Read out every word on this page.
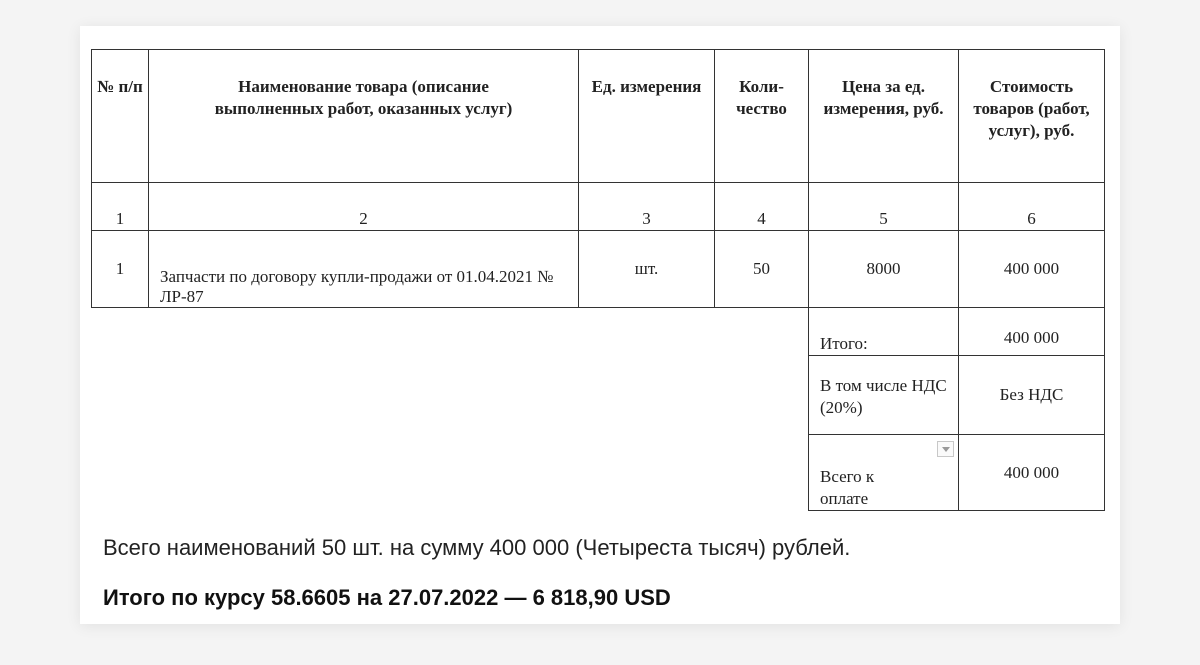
№ п/п	Наименование товара (описание выполненных работ, оказанных услуг)	Ед. измерения	Коли-чество	Цена за ед. измерения, руб.	Стоимость товаров (работ, услуг), руб.
1	2	3	4	5	6
1	Запчасти по договору купли-продажи от 01.04.2021 № ЛР-87	шт.	50	8000	400 000
				Итого:	400 000
				В том числе НДС (20%)	Без НДС

				Всего к оплате	400 000

Всего наименований 50 шт. на сумму 400 000 (Четыреста тысяч) рублей.

Итого по курсу 58.6605 на 27.07.2022 — 6 818,90 USD
